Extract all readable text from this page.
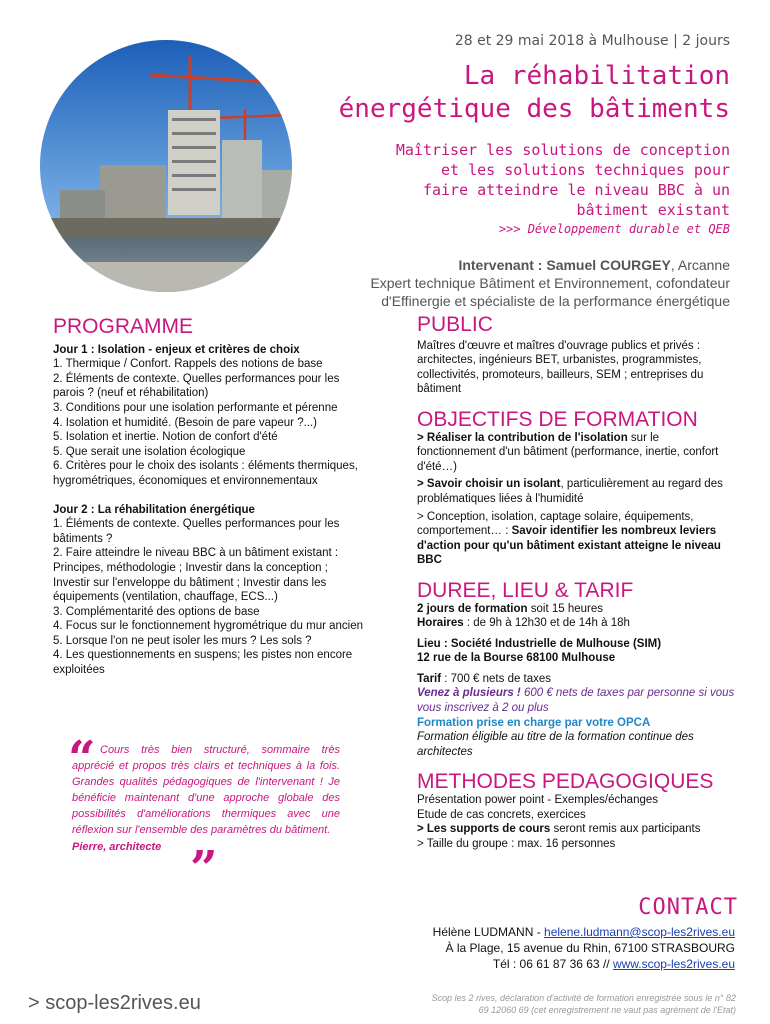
28 et 29 mai 2018 à Mulhouse | 2 jours
La réhabilitation
énergétique des bâtiments
Maîtriser les solutions de conception
et les solutions techniques pour
faire atteindre le niveau BBC à un
bâtiment existant
>>> Développement durable et QEB
Intervenant : Samuel COURGEY, Arcanne
Expert technique Bâtiment et Environnement, cofondateur
d'Effinergie et spécialiste de la performance énergétique
PROGRAMME

Jour 1 : Isolation - enjeux et critères de choix

1. Thermique / Confort. Rappels des notions de base

2. Éléments de contexte. Quelles performances pour les parois ? (neuf et réhabilitation)

3. Conditions pour une isolation performante et pérenne

4. Isolation et humidité. (Besoin de pare vapeur ?...)

5. Isolation et inertie. Notion de confort d'été

5. Que serait une isolation écologique

6. Critères pour le choix des isolants : éléments thermiques, hygrométriques, économiques et environnementaux

Jour 2 : La réhabilitation énergétique

1. Éléments de contexte. Quelles performances pour les bâtiments ?

2. Faire atteindre le niveau BBC à un bâtiment existant : Principes, méthodologie ; Investir dans la conception ; Investir sur l'enveloppe du bâtiment ; Investir dans les équipements (ventilation, chauffage, ECS...)

3. Complémentarité des options de base

4. Focus sur le fonctionnement hygrométrique du mur ancien

5. Lorsque l'on ne peut isoler les murs ? Les sols ?

4. Les questionnements en suspens; les pistes non encore exploitées

“ Cours très bien structuré, sommaire très apprécié et propos très clairs et techniques à la fois. Grandes qualités pédagogiques de l'intervenant ! Je bénéficie maintenant d'une approche globale des possibilités d'améliorations thermiques avec une réflexion sur l'ensemble des paramètres du bâtiment.
Pierre, architecte ”
PUBLIC

Maîtres d'œuvre et maîtres d'ouvrage publics et privés : architectes, ingénieurs BET, urbanistes, programmistes, collectivités, promoteurs, bailleurs, SEM ; entreprises du bâtiment

OBJECTIFS DE FORMATION

> Réaliser la contribution de l'isolation sur le fonctionnement d'un bâtiment (performance, inertie, confort d'été…)

> Savoir choisir un isolant, particulièrement au regard des problématiques liées à l'humidité

> Conception, isolation, captage solaire, équipements, comportement… : Savoir identifier les nombreux leviers d'action pour qu'un bâtiment existant atteigne le niveau BBC

DUREE, LIEU & TARIF

2 jours de formation soit 15 heures

Horaires : de 9h à 12h30 et de 14h à 18h

Lieu : Société Industrielle de Mulhouse (SIM)

12 rue de la Bourse 68100 Mulhouse

Tarif : 700 € nets de taxes

Venez à plusieurs ! 600 € nets de taxes par personne si vous vous inscrivez à 2 ou plus

Formation prise en charge par votre OPCA

Formation éligible au titre de la formation continue des architectes

METHODES PEDAGOGIQUES

Présentation power point - Exemples/échanges

Etude de cas concrets, exercices

> Les supports de cours seront remis aux participants

> Taille du groupe : max. 16 personnes

CONTACT
Hélène LUDMANN - helene.ludmann@scop-les2rives.eu
À la Plage, 15 avenue du Rhin, 67100 STRASBOURG
Tél : 06 61 87 36 63 // www.scop-les2rives.eu
> scop-les2rives.eu	Scop les 2 rives, déclaration d'activité de formation enregistrée sous le n° 82 69 12060 69 (cet enregistrement ne vaut pas agrément de l'Etat)
